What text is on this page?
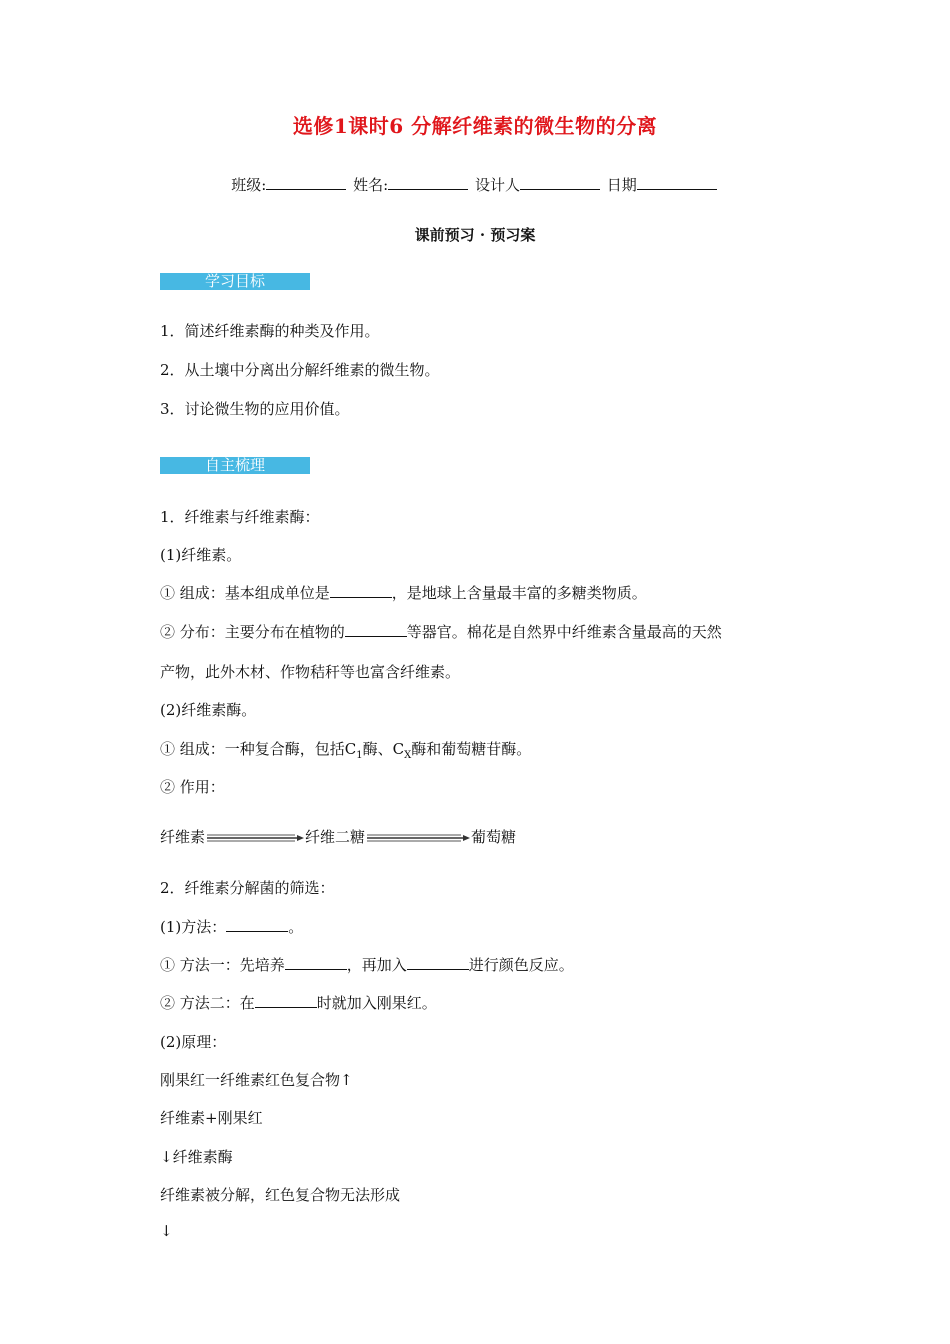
选修1课时6 分解纤维素的微生物的分离
班级:	姓名:	设计人	日期
课前预习 · 预习案
学习目标
1．简述纤维素酶的种类及作用。
2．从土壤中分离出分解纤维素的微生物。
3．讨论微生物的应用价值。
自主梳理
1．纤维素与纤维素酶：
(1)纤维素。
① 组成：基本组成单位是	，是地球上含量最丰富的多糖类物质。
② 分布：主要分布在植物的	等器官。棉花是自然界中纤维素含量最高的天然
产物，此外木材、作物秸秆等也富含纤维素。
(2)纤维素酶。
① 组成：一种复合酶，包括$C_1$酶、$C_X$酶和葡萄糖苷酶。
② 作用：
纤维素	纤维二糖	葡萄糖
2．纤维素分解菌的筛选：
(1)方法：	。
① 方法一：先培养	，再加入	进行颜色反应。
② 方法二：在	时就加入刚果红。
(2)原理：
刚果红一纤维素红色复合物↑
纤维素+刚果红
↓纤维素酶
纤维素被分解，红色复合物无法形成
↓
